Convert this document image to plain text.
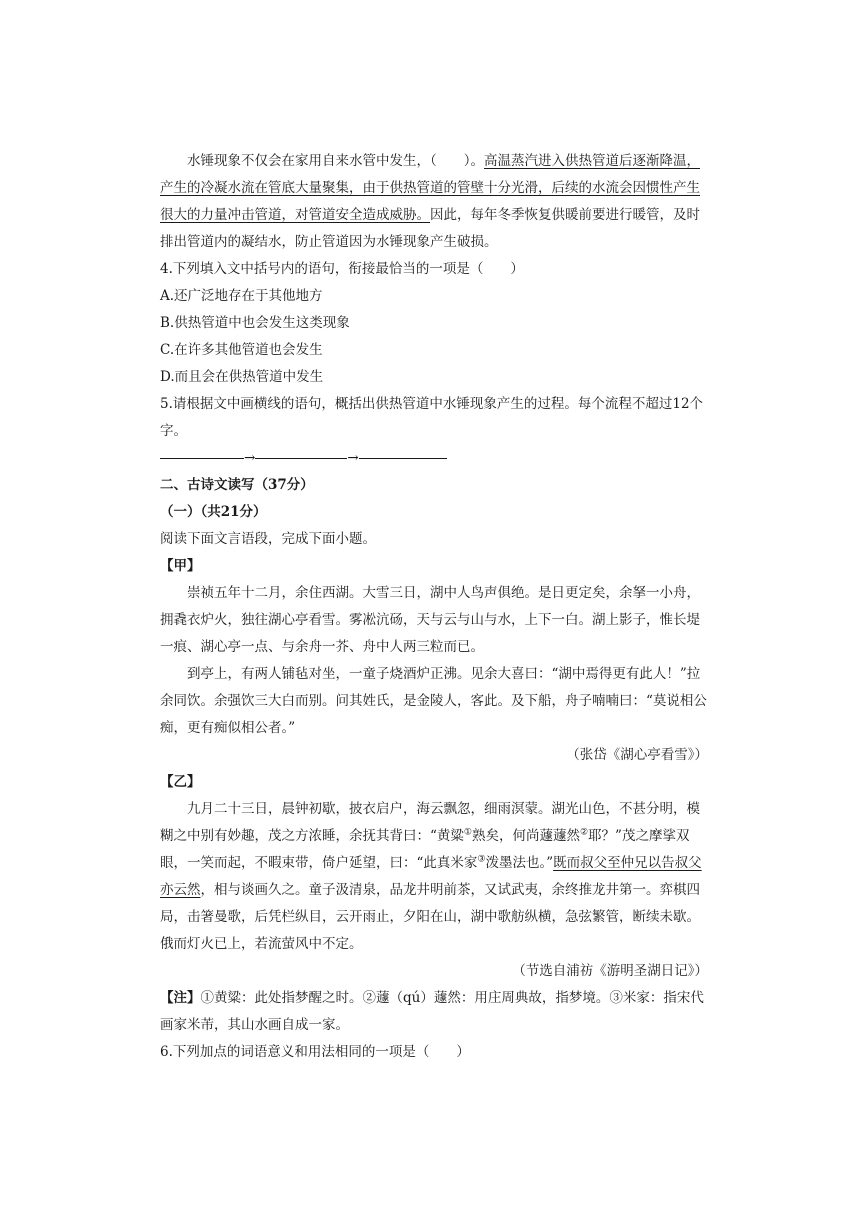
水锤现象不仅会在家用自来水管中发生，（　　）。高温蒸汽进入供热管道后逐渐降温，产生的冷凝水流在管底大量聚集，由于供热管道的管壁十分光滑，后续的水流会因惯性产生很大的力量冲击管道，对管道安全造成威胁。因此，每年冬季恢复供暖前要进行暖管，及时排出管道内的凝结水，防止管道因为水锤现象产生破损。

4.下列填入文中括号内的语句，衔接最恰当的一项是（　　）

A.还广泛地存在于其他地方

B.供热管道中也会发生这类现象

C.在许多其他管道也会发生

D.而且会在供热管道中发生

5.请根据文中画横线的语句，概括出供热管道中水锤现象产生的过程。每个流程不超过12个字。

→	→

二、古诗文读写（37分）

（一）（共21分）

阅读下面文言语段，完成下面小题。

【甲】

崇祯五年十二月，余住西湖。大雪三日，湖中人鸟声俱绝。是日更定矣，余拏一小舟，拥毳衣炉火，独往湖心亭看雪。雾凇沆砀，天与云与山与水，上下一白。湖上影子，惟长堤一痕、湖心亭一点、与余舟一芥、舟中人两三粒而已。

到亭上，有两人铺毡对坐，一童子烧酒炉正沸。见余大喜曰：“湖中焉得更有此人！”拉余同饮。余强饮三大白而别。问其姓氏，是金陵人，客此。及下船，舟子喃喃曰：“莫说相公痴，更有痴似相公者。”

（张岱《湖心亭看雪》）

【乙】

九月二十三日，晨钟初歇，披衣启户，海云飘忽，细雨溟蒙。湖光山色，不甚分明，模糊之中别有妙趣，茂之方浓睡，余抚其背曰：“黄粱①熟矣，何尚蘧蘧然②耶？”茂之摩挲双眼，一笑而起，不暇束带，倚户延望，曰：“此真米家③泼墨法也。”既而叔父至仲兄以告叔父亦云然，相与谈画久之。童子汲清泉，品龙井明前茶，又试武夷，余终推龙井第一。弈棋四局，击箸曼歌，后凭栏纵目，云开雨止，夕阳在山，湖中歌舫纵横，急弦繁管，断续未歇。俄而灯火已上，若流萤风中不定。

（节选自浦祊《游明圣湖日记》）

【注】①黄粱：此处指梦醒之时。②蘧（qú）蘧然：用庄周典故，指梦境。③米家：指宋代画家米芾，其山水画自成一家。

6.下列加点的词语意义和用法相同的一项是（　　）
